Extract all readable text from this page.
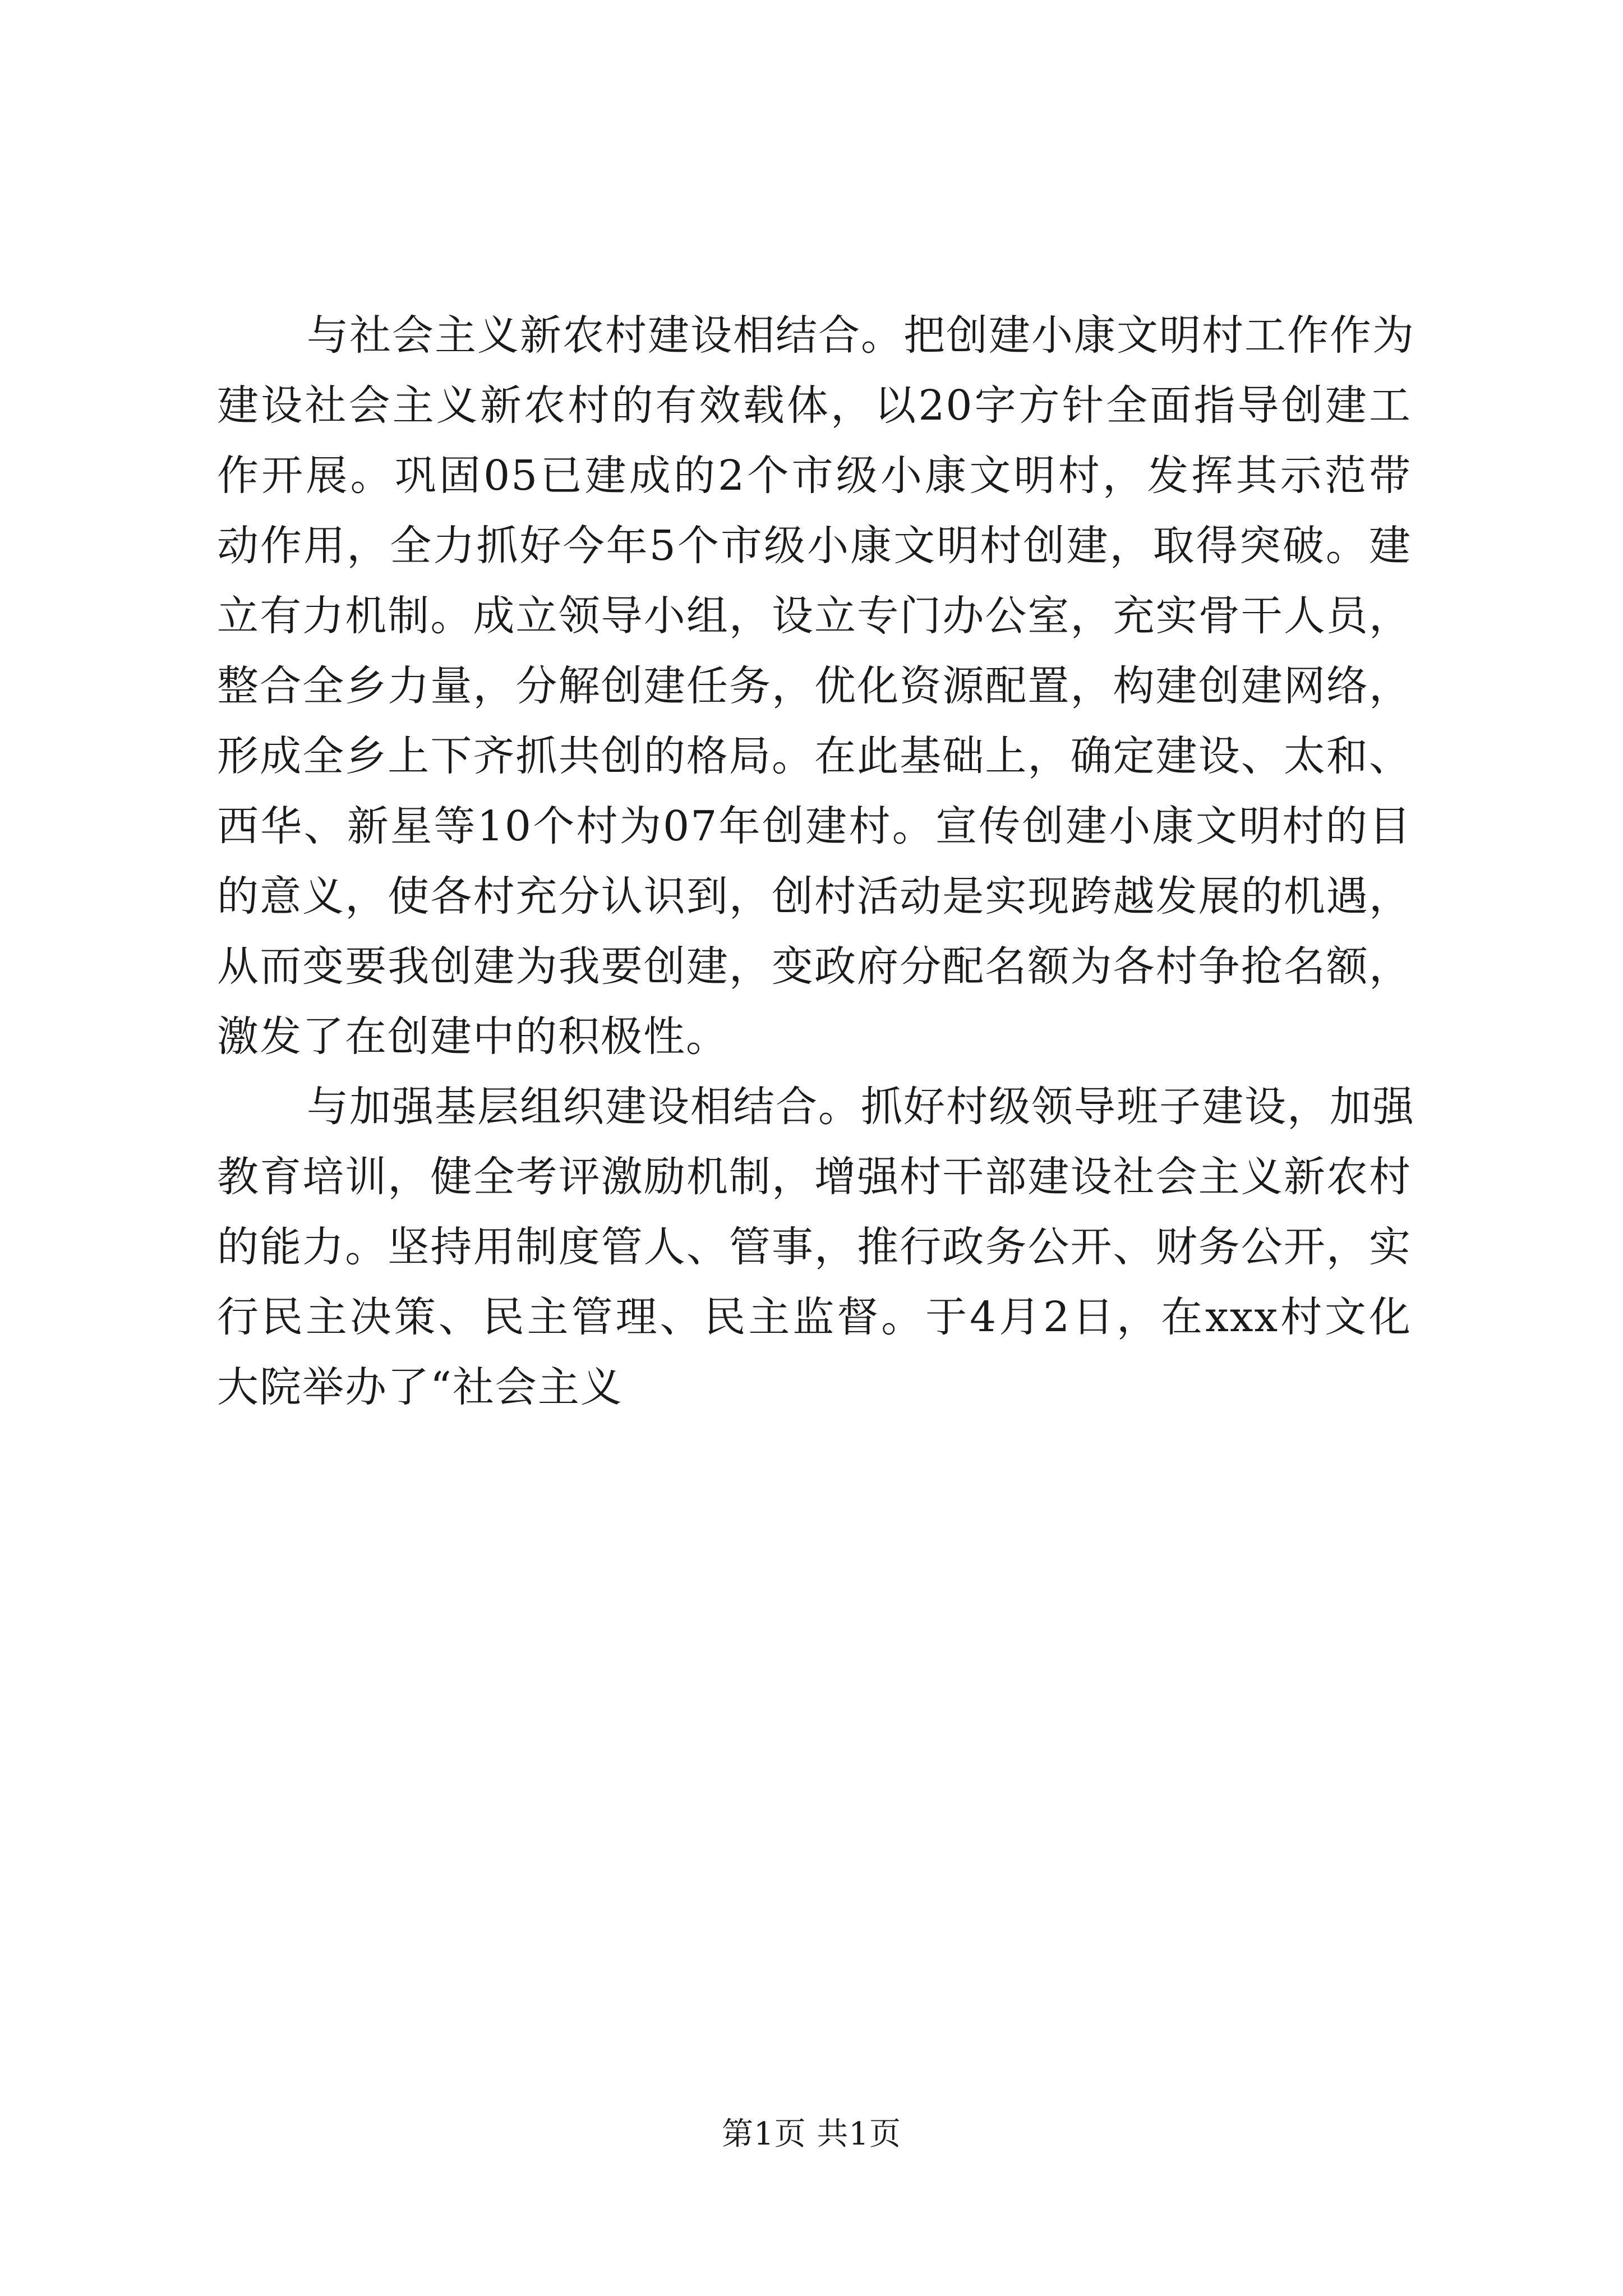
与社会主义新农村建设相结合。把创建小康文明村工作作为
建设社会主义新农村的有效载体，以20字方针全面指导创建工
作开展。巩固05已建成的2个市级小康文明村，发挥其示范带
动作用，全力抓好今年5个市级小康文明村创建，取得突破。建
立有力机制。成立领导小组，设立专门办公室，充实骨干人员，
整合全乡力量，分解创建任务，优化资源配置，构建创建网络，
形成全乡上下齐抓共创的格局。在此基础上，确定建设、太和、
西华、新星等10个村为07年创建村。宣传创建小康文明村的目
的意义，使各村充分认识到，创村活动是实现跨越发展的机遇，
从而变要我创建为我要创建，变政府分配名额为各村争抢名额，
激发了在创建中的积极性。
与加强基层组织建设相结合。抓好村级领导班子建设，加强
教育培训，健全考评激励机制，增强村干部建设社会主义新农村
的能力。坚持用制度管人、管事，推行政务公开、财务公开，实
行民主决策、民主管理、民主监督。于4月2日，在xxx村文化
大院举办了“社会主义
第1页 共1页
